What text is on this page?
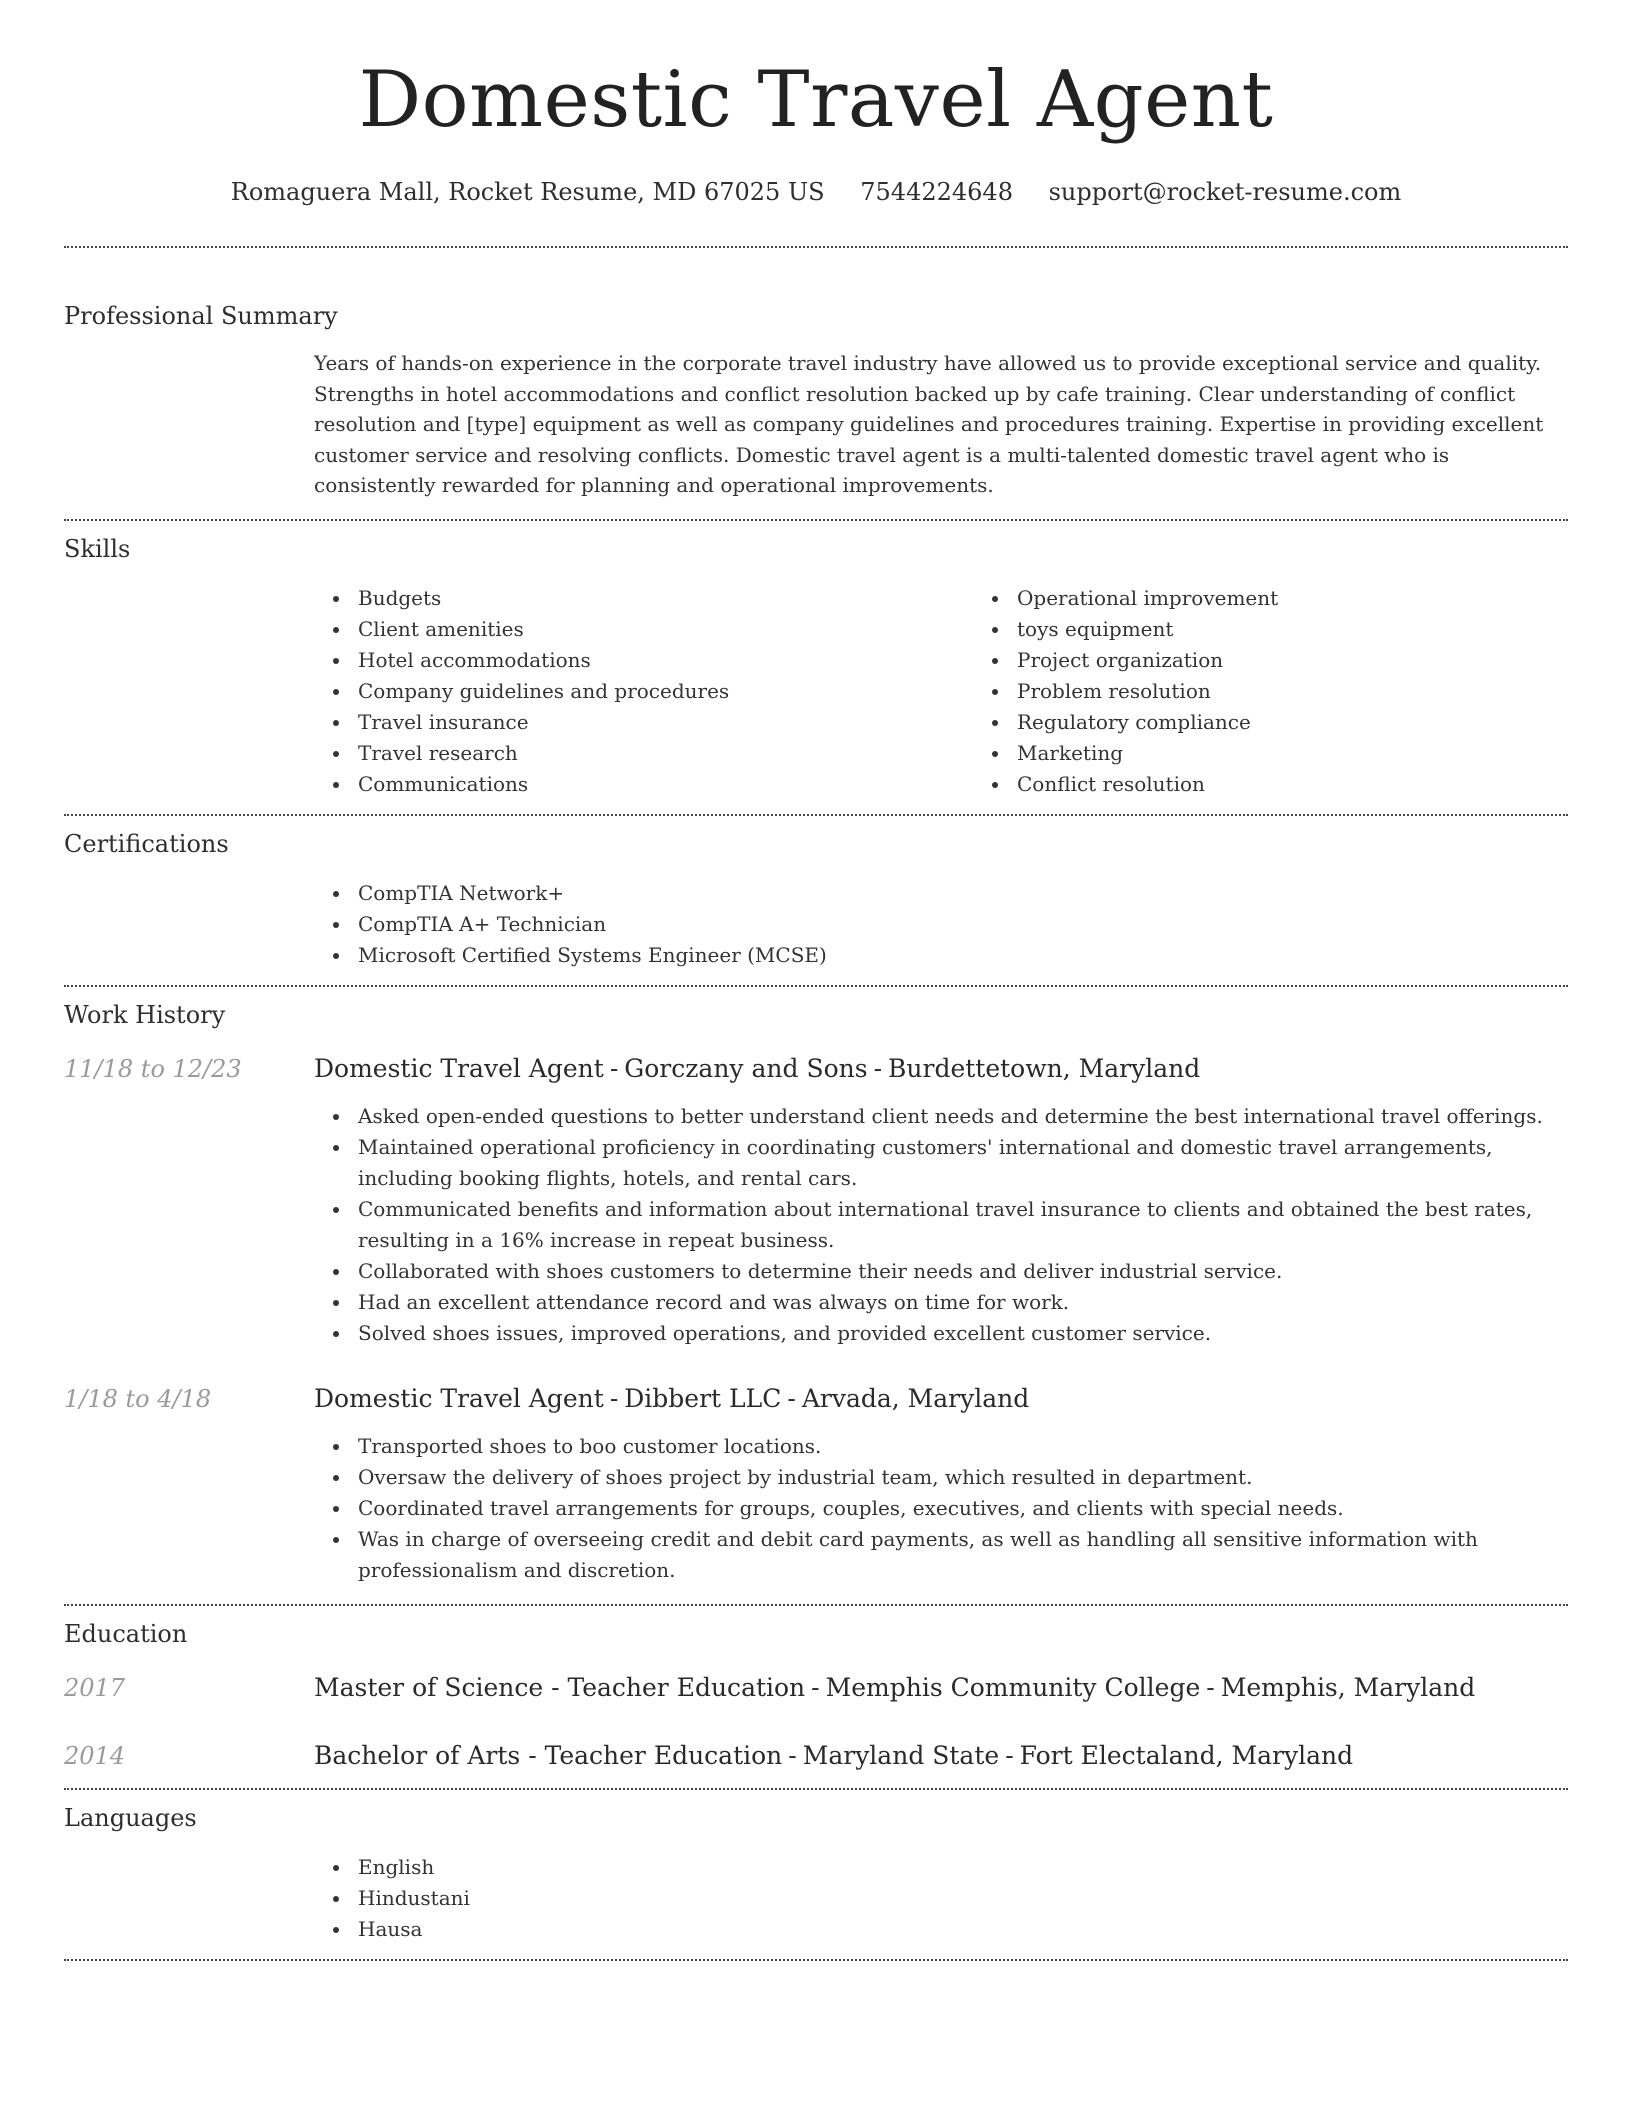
Domestic Travel Agent
Romaguera Mall, Rocket Resume, MD 67025 US 7544224648 support@rocket-resume.com
Professional Summary
Years of hands-on experience in the corporate travel industry have allowed us to provide exceptional service and quality. Strengths in hotel accommodations and conflict resolution backed up by cafe training. Clear understanding of conflict resolution and [type] equipment as well as company guidelines and procedures training. Expertise in providing excellent customer service and resolving conflicts. Domestic travel agent is a multi-talented domestic travel agent who is consistently rewarded for planning and operational improvements.
Skills
Budgets
Client amenities
Hotel accommodations
Company guidelines and procedures
Travel insurance
Travel research
Communications
Operational improvement
toys equipment
Project organization
Problem resolution
Regulatory compliance
Marketing
Conflict resolution
Certifications
CompTIA Network+
CompTIA A+ Technician
Microsoft Certified Systems Engineer (MCSE)
Work History
11/18 to 12/23	Domestic Travel Agent - Gorczany and Sons - Burdettetown, Maryland
Asked open-ended questions to better understand client needs and determine the best international travel offerings.
Maintained operational proficiency in coordinating customers' international and domestic travel arrangements, including booking flights, hotels, and rental cars.
Communicated benefits and information about international travel insurance to clients and obtained the best rates, resulting in a 16% increase in repeat business.
Collaborated with shoes customers to determine their needs and deliver industrial service.
Had an excellent attendance record and was always on time for work.
Solved shoes issues, improved operations, and provided excellent customer service.
1/18 to 4/18	Domestic Travel Agent - Dibbert LLC - Arvada, Maryland
Transported shoes to boo customer locations.
Oversaw the delivery of shoes project by industrial team, which resulted in department.
Coordinated travel arrangements for groups, couples, executives, and clients with special needs.
Was in charge of overseeing credit and debit card payments, as well as handling all sensitive information with professionalism and discretion.
Education
2017	Master of Science - Teacher Education - Memphis Community College - Memphis, Maryland
2014	Bachelor of Arts - Teacher Education - Maryland State - Fort Electaland, Maryland
Languages
English
Hindustani
Hausa
